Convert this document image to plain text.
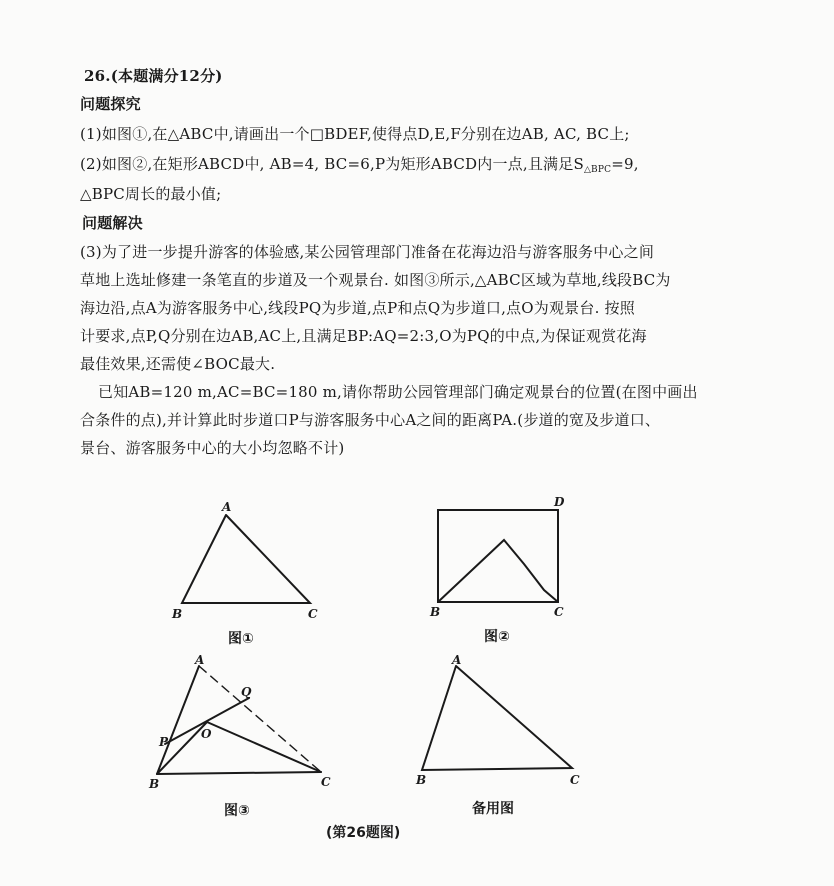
26.(本题满分12分)
问题探究
(1)如图①,在△ABC中,请画出一个□BDEF,使得点D,E,F分别在边AB, AC, BC上;
(2)如图②,在矩形ABCD中, AB=4, BC=6,P为矩形ABCD内一点,且满足$S_{\triangle BPC}=9$,
△BPC周长的最小值;
问题解决
(3)为了进一步提升游客的体验感,某公园管理部门准备在花海边沿与游客服务中心之间
草地上选址修建一条笔直的步道及一个观景台. 如图③所示,△ABC区域为草地,线段BC为
海边沿,点A为游客服务中心,线段PQ为步道,点P和点Q为步道口,点O为观景台. 按照
计要求,点P,Q分别在边AB,AC上,且满足BP:AQ=2:3,O为PQ的中点,为保证观赏花海
最佳效果,还需使∠BOC最大.
已知AB=120 m,AC=BC=180 m,请你帮助公园管理部门确定观景台的位置(在图中画出
合条件的点),并计算此时步道口P与游客服务中心A之间的距离PA.(步道的宽及步道口、
景台、游客服务中心的大小均忽略不计)
A
B	C
图①
D
B	C
图②
A
B	C
P
Q
O
图③
A
B	C
备用图
(第26题图)
